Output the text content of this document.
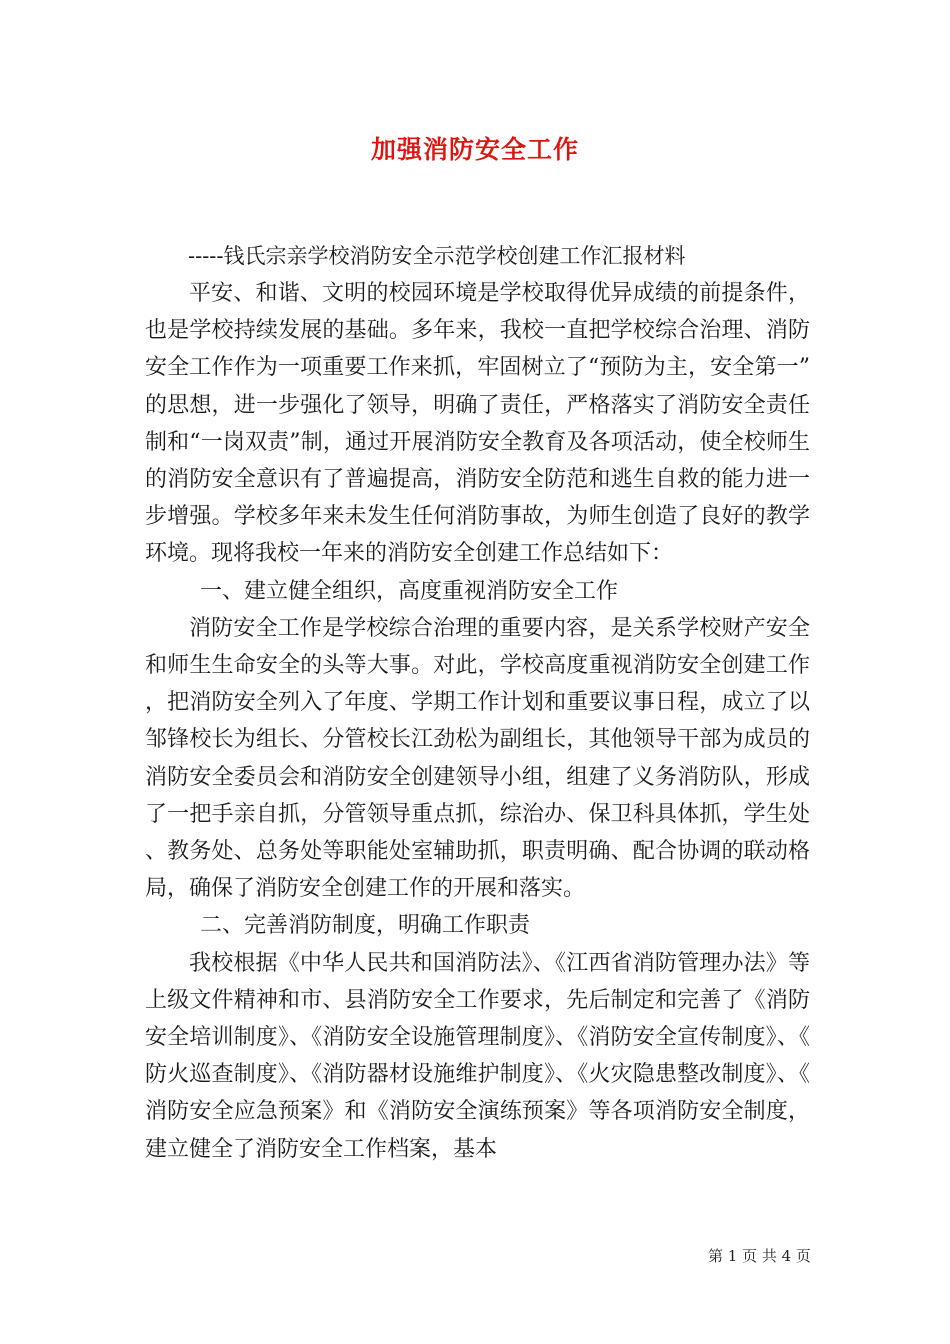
加强消防安全工作
-----钱氏宗亲学校消防安全示范学校创建工作汇报材料

平安、和谐、文明的校园环境是学校取得优异成绩的前提条件，也是学校持续发展的基础。多年来，我校一直把学校综合治理、消防安全工作作为一项重要工作来抓，牢固树立了“预防为主，安全第一”的思想，进一步强化了领导，明确了责任，严格落实了消防安全责任制和“一岗双责”制，通过开展消防安全教育及各项活动，使全校师生的消防安全意识有了普遍提高，消防安全防范和逃生自救的能力进一步增强。学校多年来未发生任何消防事故，为师生创造了良好的教学环境。现将我校一年来的消防安全创建工作总结如下：

一、建立健全组织，高度重视消防安全工作

消防安全工作是学校综合治理的重要内容，是关系学校财产安全和师生生命安全的头等大事。对此，学校高度重视消防安全创建工作，把消防安全列入了年度、学期工作计划和重要议事日程，成立了以邹锋校长为组长、分管校长江劲松为副组长，其他领导干部为成员的消防安全委员会和消防安全创建领导小组，组建了义务消防队，形成了一把手亲自抓，分管领导重点抓，综治办、保卫科具体抓，学生处、教务处、总务处等职能处室辅助抓，职责明确、配合协调的联动格局，确保了消防安全创建工作的开展和落实。

二、完善消防制度，明确工作职责

我校根据《中华人民共和国消防法》、《江西省消防管理办法》等上级文件精神和市、县消防安全工作要求，先后制定和完善了《消防安全培训制度》、《消防安全设施管理制度》、《消防安全宣传制度》、《防火巡查制度》、《消防器材设施维护制度》、《火灾隐患整改制度》、《消防安全应急预案》和《消防安全演练预案》等各项消防安全制度，建立健全了消防安全工作档案，基本

第 1 页 共 4 页
